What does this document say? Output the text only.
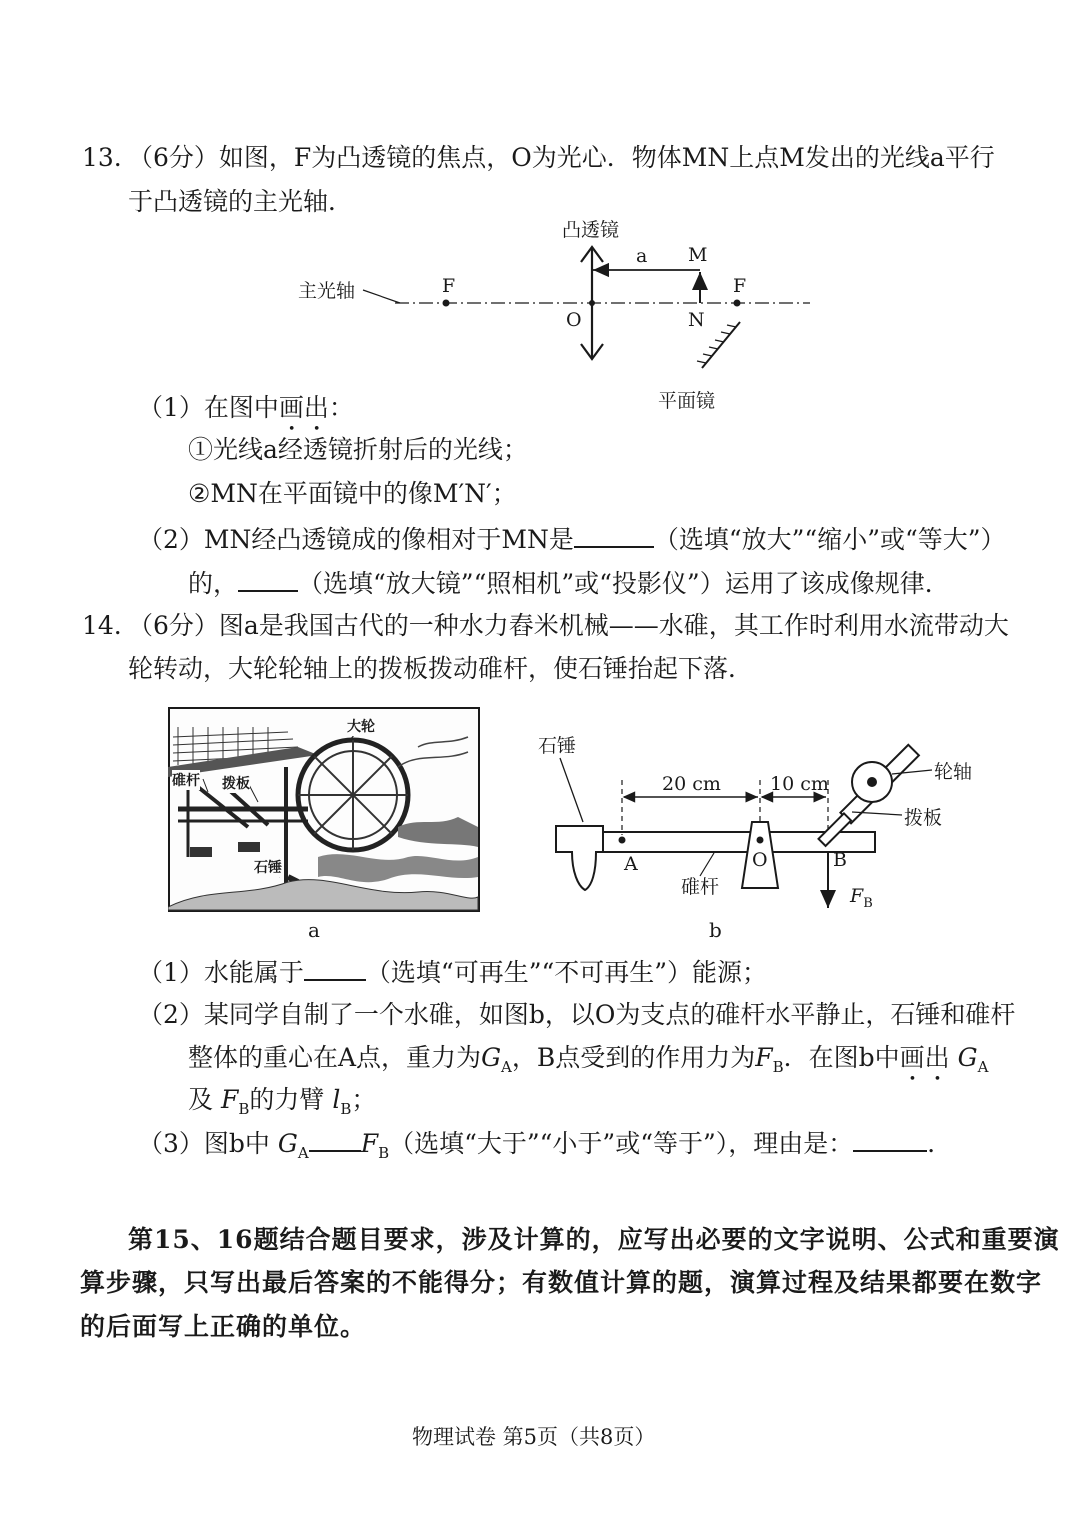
13. （6分）如图，F为凸透镜的焦点，O为光心．物体MN上点M发出的光线a平行
于凸透镜的主光轴．
凸透镜
主光轴	F
O
F
M
N
a
平面镜
（1）在图中画出：
①光线a经透镜折射后的光线；
②MN在平面镜中的像M′N′；
（2）MN经凸透镜成的像相对于MN是	（选填“放大”“缩小”或“等大”）
的， （选填“放大镜”“照相机”或“投影仪”）运用了该成像规律．
14. （6分）图a是我国古代的一种水力舂米机械——水碓，其工作时利用水流带动大
轮转动，大轮轮轴上的拨板拨动碓杆，使石锤抬起下落．
大轮
碓杆 拨板
石锤
a
石锤
A	O	B
20 cm	10 cm
碓杆	$F_B$
轮轴
拨板
b
（1）水能属于 （选填“可再生”“不可再生”）能源；
（2）某同学自制了一个水碓，如图b，以O为支点的碓杆水平静止，石锤和碓杆
整体的重心在A点，重力为$G_A$，B点受到的作用力为$F_B$．在图b中画出 $G_A$
及 $F_B$的力臂 $l_B$；
（3）图b中 $G_A$ $F_B$（选填“大于”“小于”或“等于”），理由是：	．
第15、16题结合题目要求，涉及计算的，应写出必要的文字说明、公式和重要演
算步骤，只写出最后答案的不能得分；有数值计算的题，演算过程及结果都要在数字
的后面写上正确的单位。
物理试卷 第5页（共8页）
